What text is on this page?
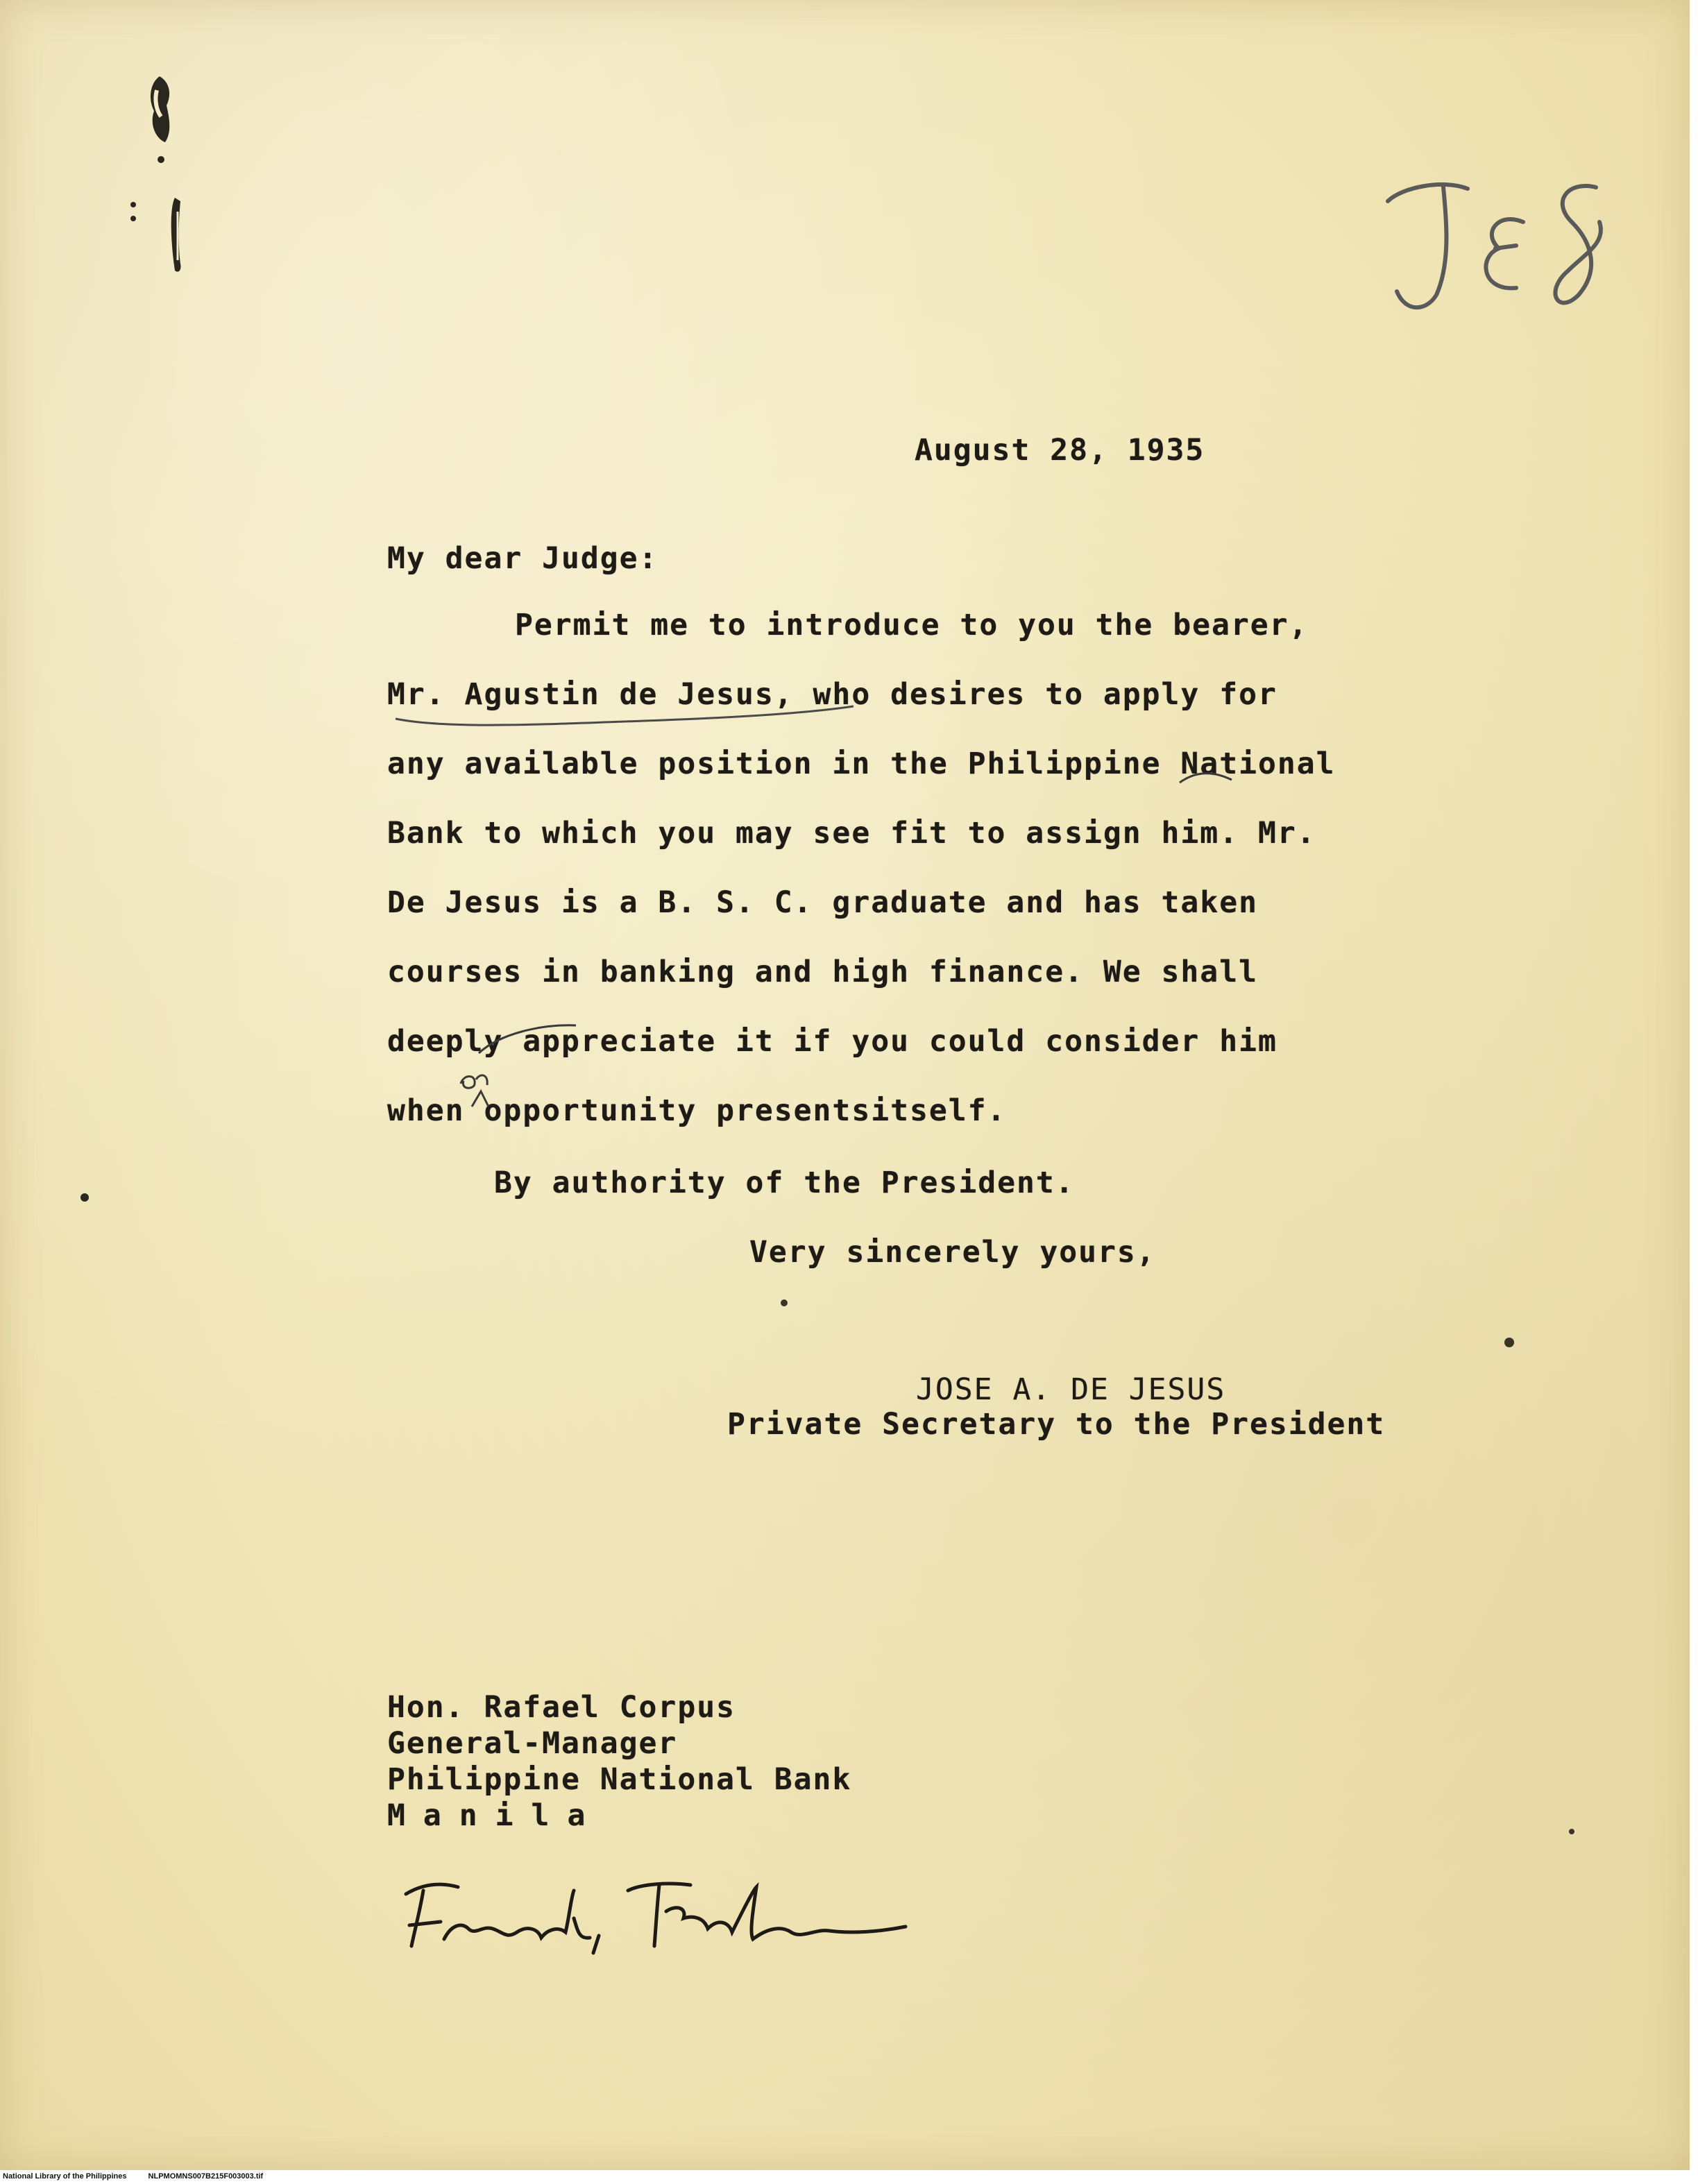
August 28, 1935
My dear Judge:
Permit me to introduce to you the bearer,
Mr. Agustin de Jesus, who desires to apply for
any available position in the Philippine National
Bank to which you may see fit to assign him. Mr.
De Jesus is a B. S. C. graduate and has taken
courses in banking and high finance. We shall
deeply appreciate it if you could consider him
when opportunity presentsitself.
By authority of the President.
Very sincerely yours,
JOSE A. DE JESUS
Private Secretary to the President
Hon. Rafael Corpus
General-Manager
Philippine National Bank
Manila
National Library of the Philippines	NLPMOMNS007B215F003003.tif
